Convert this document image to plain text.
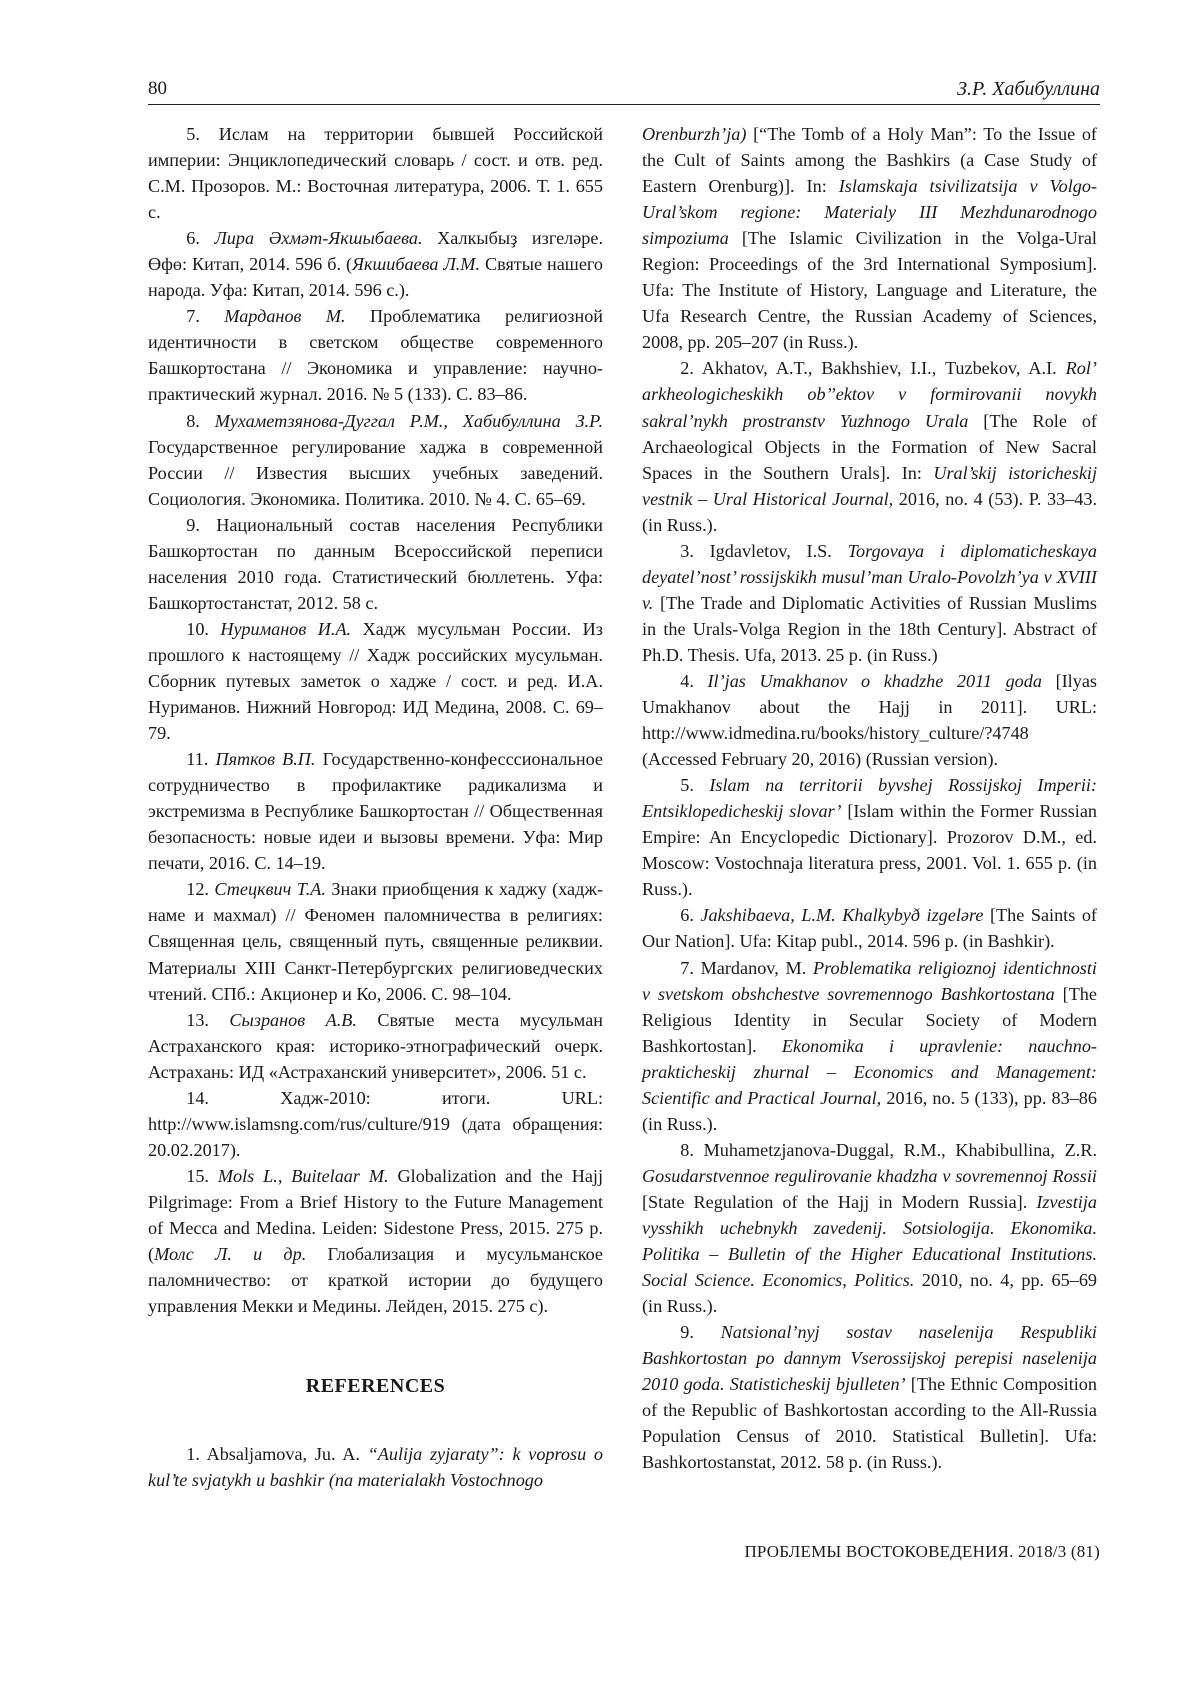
80	З.Р. Хабибуллина

5. Ислам на территории бывшей Российской империи: Энциклопедический словарь / сост. и отв. ред. С.М. Прозоров. М.: Восточная литература, 2006. Т. 1. 655 с.

6. Лира Әхмәт-Якшыбаева. Халкыбыҙ изгеләре. Өфө: Китап, 2014. 596 б. (Якшибаева Л.М. Святые нашего народа. Уфа: Китап, 2014. 596 с.).

7. Марданов М. Проблематика религиозной идентичности в светском обществе современного Башкортостана // Экономика и управление: научно-практический журнал. 2016. № 5 (133). С. 83–86.

8. Мухаметзянова-Дуггал Р.М., Хабибуллина З.Р. Государственное регулирование хаджа в современной России // Известия высших учебных заведений. Социология. Экономика. Политика. 2010. № 4. С. 65–69.

9. Национальный состав населения Республики Башкортостан по данным Всероссийской переписи населения 2010 года. Статистический бюллетень. Уфа: Башкортостанстат, 2012. 58 с.

10. Нуриманов И.А. Хадж мусульман России. Из прошлого к настоящему // Хадж российских мусульман. Сборник путевых заметок о хадже / сост. и ред. И.А. Нуриманов. Нижний Новгород: ИД Медина, 2008. С. 69–79.

11. Пятков В.П. Государственно-конфесссиональное сотрудничество в профилактике радикализма и экстремизма в Республике Башкортостан // Общественная безопасность: новые идеи и вызовы времени. Уфа: Мир печати, 2016. С. 14–19.

12. Стецквич Т.А. Знаки приобщения к хаджу (хадж-наме и махмал) // Феномен паломничества в религиях: Священная цель, священный путь, священные реликвии. Материалы XIII Санкт-Петербургских религиоведческих чтений. СПб.: Акционер и Ко, 2006. С. 98–104.

13. Сызранов А.В. Святые места мусульман Астраханского края: историко-этнографический очерк. Астрахань: ИД «Астраханский университет», 2006. 51 с.

14. Хадж-2010: итоги. URL: http://www.islamsng.com/rus/culture/919 (дата обращения: 20.02.2017).

15. Mols L., Buitelaar M. Globalization and the Hajj Pilgrimage: From a Brief History to the Future Management of Mecca and Medina. Leiden: Sidestone Press, 2015. 275 p. (Молс Л. и др. Глобализация и мусульманское паломничество: от краткой истории до будущего управления Мекки и Медины. Лейден, 2015. 275 с).

REFERENCES

1. Absaljamova, Ju. A. “Aulija zyjaraty”: k voprosu o kul’te svjatykh u bashkir (na materialakh Vostochnogo

Orenburzh’ja) [“The Tomb of a Holy Man”: To the Issue of the Cult of Saints among the Bashkirs (a Case Study of Eastern Orenburg)]. In: Islamskaja tsivilizatsija v Volgo-Ural’skom regione: Materialy III Mezhdunarodnogo simpoziuma [The Islamic Civilization in the Volga-Ural Region: Proceedings of the 3rd International Symposium]. Ufa: The Institute of History, Language and Literature, the Ufa Research Centre, the Russian Academy of Sciences, 2008, pp. 205–207 (in Russ.).

2. Akhatov, A.T., Bakhshiev, I.I., Tuzbekov, A.I. Rol’ arkheologicheskikh ob’’ektov v formirovanii novykh sakral’nykh prostranstv Yuzhnogo Urala [The Role of Archaeological Objects in the Formation of New Sacral Spaces in the Southern Urals]. In: Ural’skij istoricheskij vestnik – Ural Historical Journal, 2016, no. 4 (53). P. 33–43. (in Russ.).

3. Igdavletov, I.S. Torgovaya i diplomaticheskaya deyatel’nost’ rossijskikh musul’man Uralo-Povolzh’ya v XVIII v. [The Trade and Diplomatic Activities of Russian Muslims in the Urals-Volga Region in the 18th Century]. Abstract of Ph.D. Thesis. Ufa, 2013. 25 p. (in Russ.)

4. Il’jas Umakhanov o khadzhe 2011 goda [Ilyas Umakhanov about the Hajj in 2011]. URL: http://www.idmedina.ru/books/history_culture/?4748 (Accessed February 20, 2016) (Russian version).

5. Islam na territorii byvshej Rossijskoj Imperii: Entsiklopedicheskij slovar’ [Islam within the Former Russian Empire: An Encyclopedic Dictionary]. Prozorov D.M., ed. Moscow: Vostochnaja literatura press, 2001. Vol. 1. 655 p. (in Russ.).

6. Jakshibaeva, L.M. Khalkybyð izgelәre [The Saints of Our Nation]. Ufa: Kitap publ., 2014. 596 p. (in Bashkir).

7. Mardanov, M. Problematika religioznoj identichnosti v svetskom obshchestve sovremennogo Bashkortostana [The Religious Identity in Secular Society of Modern Bashkortostan]. Ekonomika i upravlenie: nauchno-prakticheskij zhurnal – Economics and Management: Scientific and Practical Journal, 2016, no. 5 (133), pp. 83–86 (in Russ.).

8. Muhametzjanova-Duggal, R.M., Khabibullina, Z.R. Gosudarstvennoe regulirovanie khadzha v sovremennoj Rossii [State Regulation of the Hajj in Modern Russia]. Izvestija vysshikh uchebnykh zavedenij. Sotsiologija. Ekonomika. Politika – Bulletin of the Higher Educational Institutions. Social Science. Economics, Politics. 2010, no. 4, pp. 65–69 (in Russ.).

9. Natsional’nyj sostav naselenija Respubliki Bashkortostan po dannym Vserossijskoj perepisi naselenija 2010 goda. Statisticheskij bjulleten’ [The Ethnic Composition of the Republic of Bashkortostan according to the All-Russia Population Census of 2010. Statistical Bulletin]. Ufa: Bashkortostanstat, 2012. 58 p. (in Russ.).

ПРОБЛЕМЫ ВОСТОКОВЕДЕНИЯ. 2018/3 (81)
